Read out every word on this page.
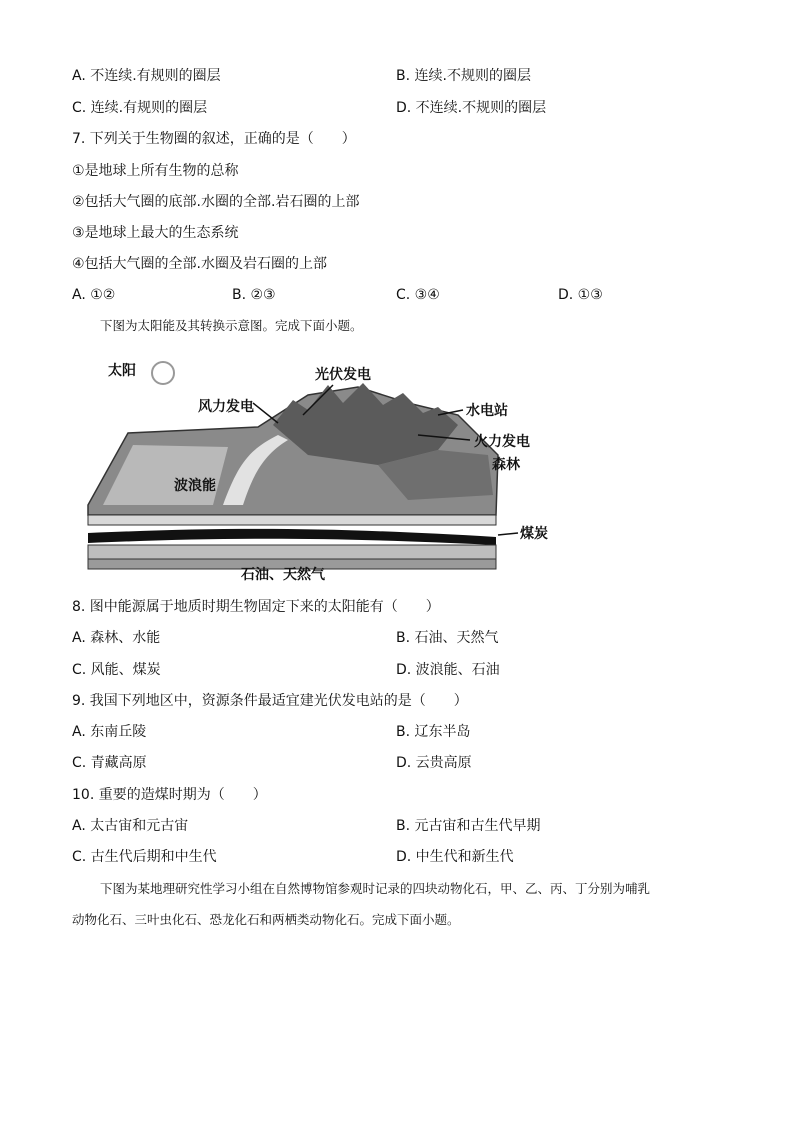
A. 不连续.有规则的圈层	B. 连续.不规则的圈层
C. 连续.有规则的圈层	D. 不连续.不规则的圈层
7. 下列关于生物圈的叙述，正确的是（　　）
①是地球上所有生物的总称
②包括大气圈的底部.水圈的全部.岩石圈的上部
③是地球上最大的生态系统
④包括大气圈的全部.水圈及岩石圈的上部
A. ①②	B. ②③	C. ③④	D. ①③
下图为太阳能及其转换示意图。完成下面小题。
太阳	光伏发电
风力发电	水电站
火力发电
森林
波浪能
煤炭
石油、天然气
8. 图中能源属于地质时期生物固定下来的太阳能有（　　）
A. 森林、水能	B. 石油、天然气
C. 风能、煤炭	D. 波浪能、石油
9. 我国下列地区中，资源条件最适宜建光伏发电站的是（　　）
A. 东南丘陵	B. 辽东半岛
C. 青藏高原	D. 云贵高原
10. 重要的造煤时期为（　　）
A. 太古宙和元古宙	B. 元古宙和古生代早期
C. 古生代后期和中生代	D. 中生代和新生代
下图为某地理研究性学习小组在自然博物馆参观时记录的四块动物化石，甲、乙、丙、丁分别为哺乳
动物化石、三叶虫化石、恐龙化石和两栖类动物化石。完成下面小题。
